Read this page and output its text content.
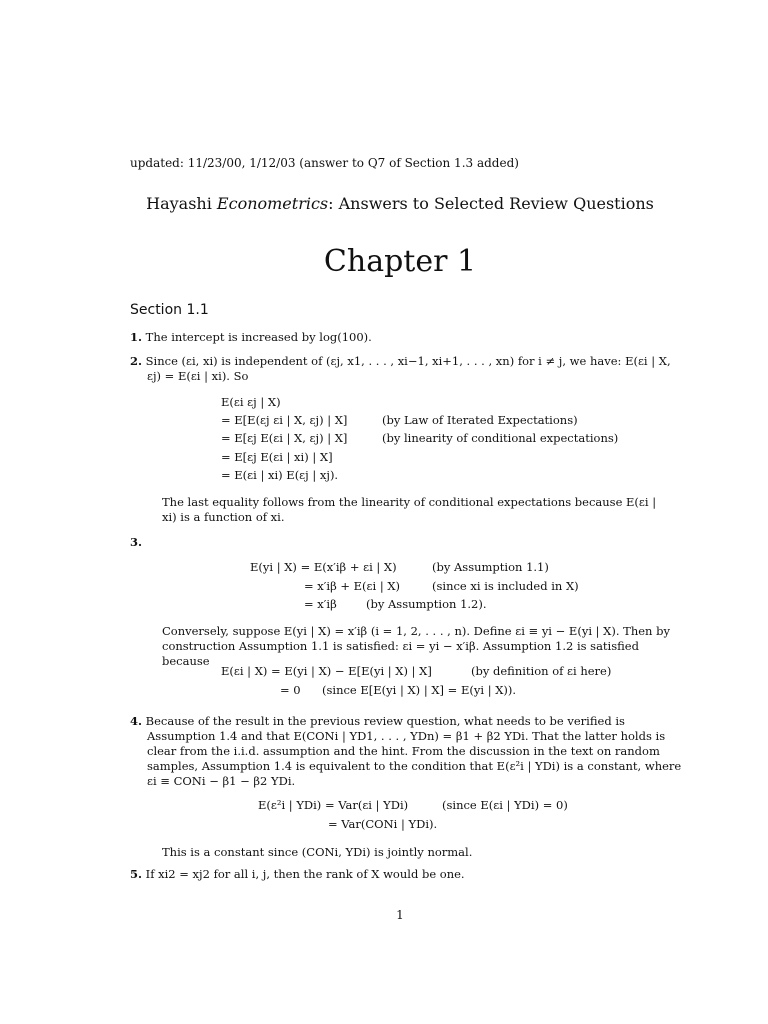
updated: 11/23/00, 1/12/03 (answer to Q7 of Section 1.3 added)
Hayashi Econometrics: Answers to Selected Review Questions
Chapter 1
Section 1.1
1. The intercept is increased by log(100).
2. Since (εi, xi) is independent of (εj, x1, . . . , xi−1, xi+1, . . . , xn) for i ≠ j, we have: E(εi | X, εj) = E(εi | xi). So
E(εi εj | X)
= E[E(εj εi | X, εj) | X]	(by Law of Iterated Expectations)
= E[εj E(εi | X, εj) | X]	(by linearity of conditional expectations)
= E[εj E(εi | xi) | X]
= E(εi | xi) E(εj | xj).
The last equality follows from the linearity of conditional expectations because E(εi | xi) is a function of xi.
3.
E(yi | X) = E(x′iβ + εi | X)	(by Assumption 1.1)
= x′iβ + E(εi | X)	(since xi is included in X)
= x′iβ	(by Assumption 1.2).
Conversely, suppose E(yi | X) = x′iβ (i = 1, 2, . . . , n). Define εi ≡ yi − E(yi | X). Then by construction Assumption 1.1 is satisfied: εi = yi − x′iβ. Assumption 1.2 is satisfied because
E(εi | X) = E(yi | X) − E[E(yi | X) | X]	(by definition of εi here)
= 0 (since E[E(yi | X) | X] = E(yi | X)).
4. Because of the result in the previous review question, what needs to be verified is Assumption 1.4 and that E(CONi | YD1, . . . , YDn) = β1 + β2 YDi. That the latter holds is clear from the i.i.d. assumption and the hint. From the discussion in the text on random samples, Assumption 1.4 is equivalent to the condition that E(ε²i | YDi) is a constant, where εi ≡ CONi − β1 − β2 YDi.
E(ε²i | YDi) = Var(εi | YDi)	(since E(εi | YDi) = 0)
= Var(CONi | YDi).
This is a constant since (CONi, YDi) is jointly normal.
5. If xi2 = xj2 for all i, j, then the rank of X would be one.
1
